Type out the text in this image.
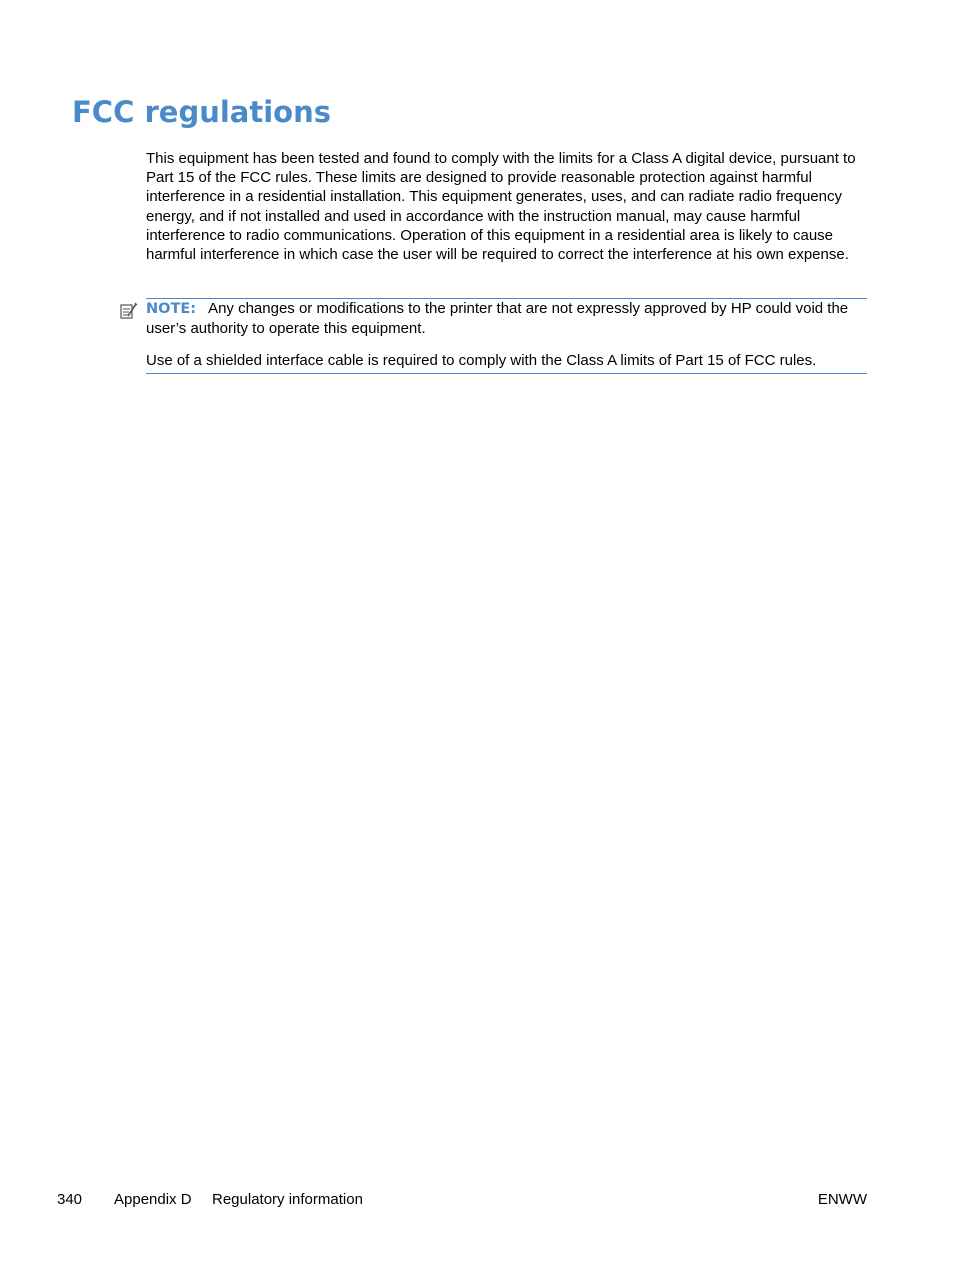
FCC regulations

This equipment has been tested and found to comply with the limits for a Class A digital device, pursuant to Part 15 of the FCC rules. These limits are designed to provide reasonable protection against harmful interference in a residential installation. This equipment generates, uses, and can radiate radio frequency energy, and if not installed and used in accordance with the instruction manual, may cause harmful interference to radio communications. Operation of this equipment in a residential area is likely to cause harmful interference in which case the user will be required to correct the interference at his own expense.

NOTE: Any changes or modifications to the printer that are not expressly approved by HP could void the user’s authority to operate this equipment.

Use of a shielded interface cable is required to comply with the Class A limits of Part 15 of FCC rules.

340 Appendix D Regulatory information	ENWW
